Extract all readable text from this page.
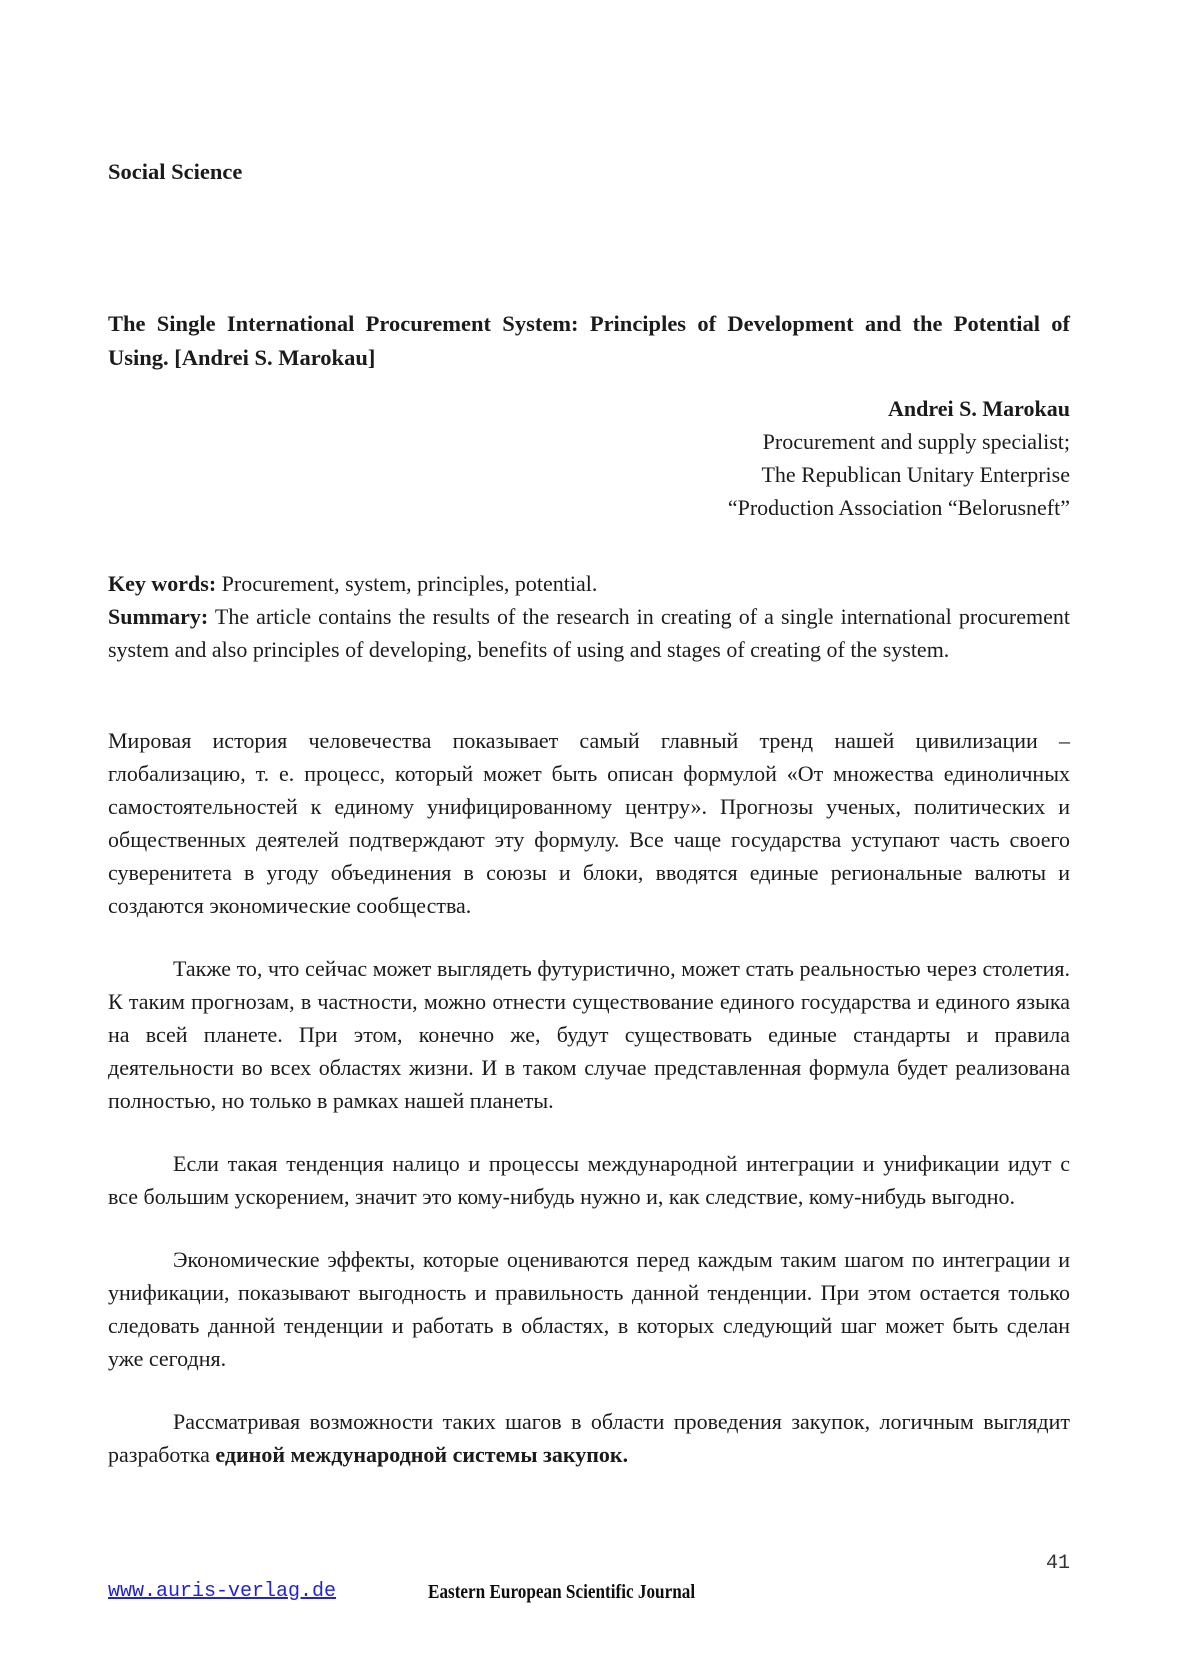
Social Science
The Single International Procurement System: Principles of Development and the Potential of Using. [Andrei S. Marokau]
Andrei S. Marokau
Procurement and supply specialist;
The Republican Unitary Enterprise
“Production Association “Belorusneft”

Key words: Procurement, system, principles, potential.

Summary: The article contains the results of the research in creating of a single international procurement system and also principles of developing, benefits of using and stages of creating of the system.

Мировая история человечества показывает самый главный тренд нашей цивилизации – глобализацию, т. е. процесс, который может быть описан формулой «От множества единоличных самостоятельностей к единому унифицированному центру». Прогнозы ученых, политических и общественных деятелей подтверждают эту формулу. Все чаще государства уступают часть своего суверенитета в угоду объединения в союзы и блоки, вводятся единые региональные валюты и создаются экономические сообщества.

Также то, что сейчас может выглядеть футуристично, может стать реальностью через столетия. К таким прогнозам, в частности, можно отнести существование единого государства и единого языка на всей планете. При этом, конечно же, будут существовать единые стандарты и правила деятельности во всех областях жизни. И в таком случае представленная формула будет реализована полностью, но только в рамках нашей планеты.

Если такая тенденция налицо и процессы международной интеграции и унификации идут с все большим ускорением, значит это кому-нибудь нужно и, как следствие, кому-нибудь выгодно.

Экономические эффекты, которые оцениваются перед каждым таким шагом по интеграции и унификации, показывают выгодность и правильность данной тенденции. При этом остается только следовать данной тенденции и работать в областях, в которых следующий шаг может быть сделан уже сегодня.

Рассматривая возможности таких шагов в области проведения закупок, логичным выглядит разработка единой международной системы закупок.

41
www.auris-verlag.de	Eastern European Scientific Journal
